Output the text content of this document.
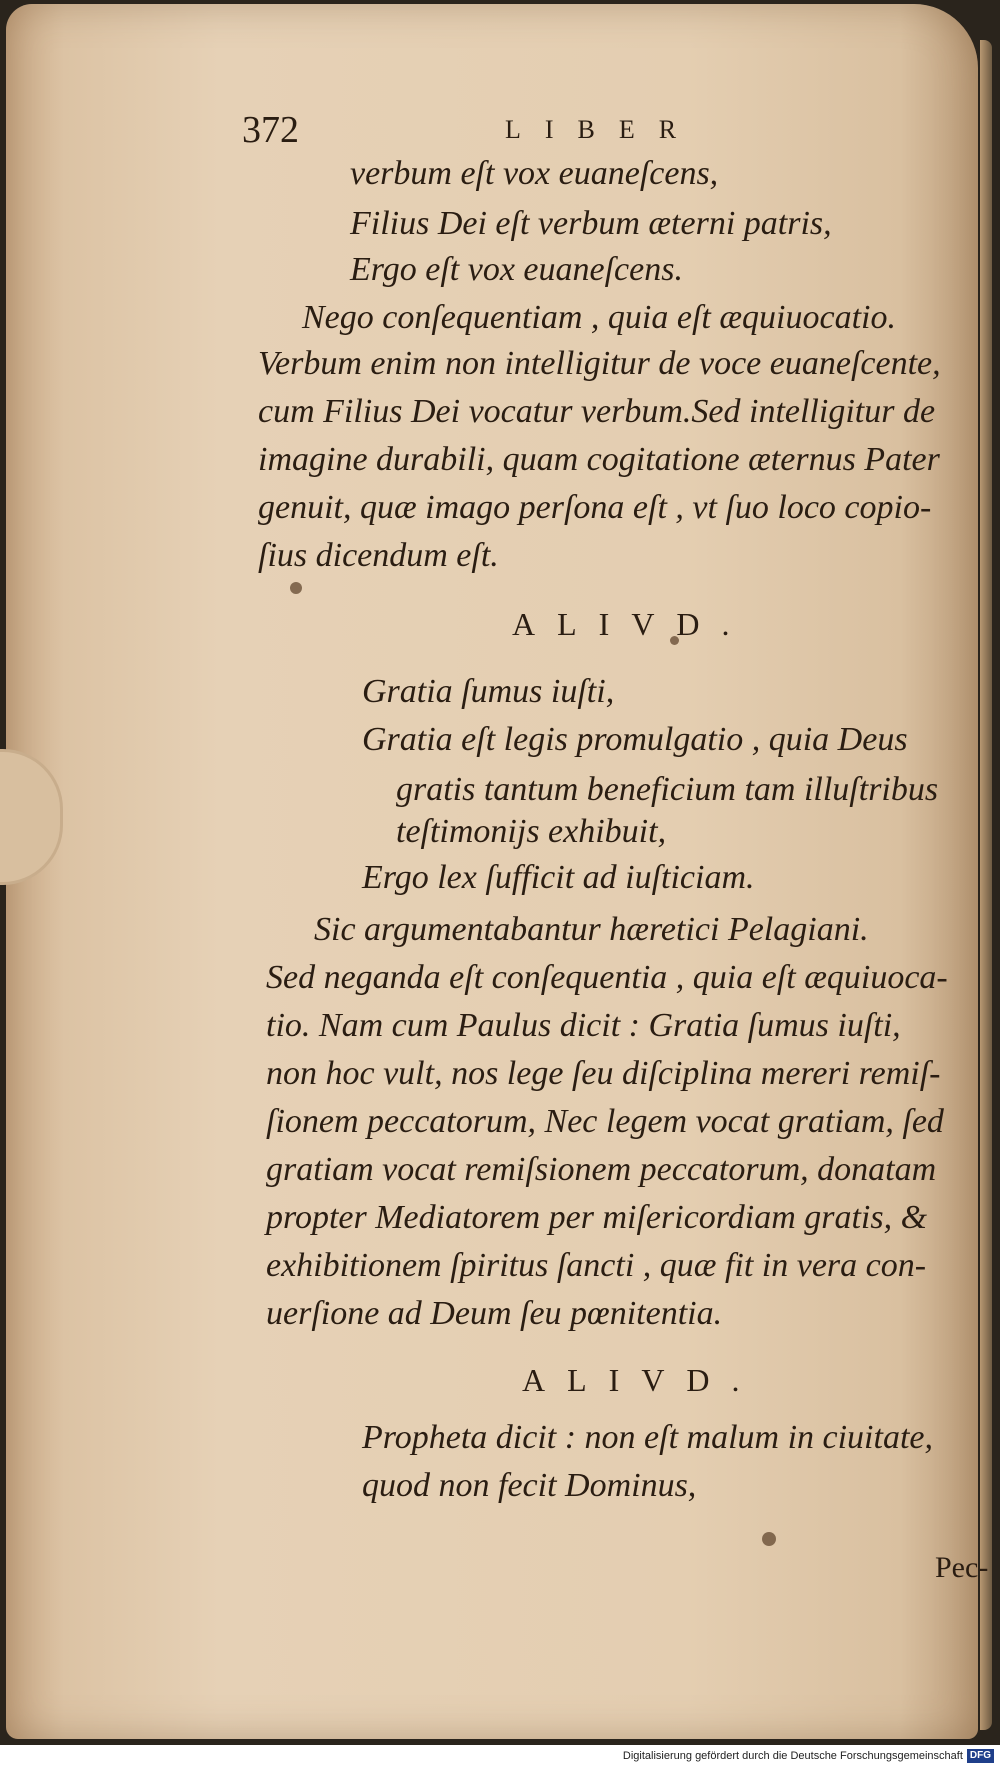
372	LIBER
verbum eſt vox euaneſcens,
Filius Dei eſt verbum æterni patris,
Ergo eſt vox euaneſcens.
Nego conſequentiam , quia eſt æquiuocatio.
Verbum enim non intelligitur de voce euaneſcente,
cum Filius Dei vocatur verbum.Sed intelligitur de
imagine durabili, quam cogitatione æternus Pater
genuit, quæ imago perſona eſt , vt ſuo loco copio-
ſius dicendum eſt.
ALIVD.
Gratia ſumus iuſti,
Gratia eſt legis promulgatio , quia Deus
gratis tantum beneficium tam illuſtribus
teſtimonijs exhibuit,
Ergo lex ſufficit ad iuſticiam.
Sic argumentabantur hæretici Pelagiani.
Sed neganda eſt conſequentia , quia eſt æquiuoca-
tio. Nam cum Paulus dicit : Gratia ſumus iuſti,
non hoc vult, nos lege ſeu diſciplina mereri remiſ-
ſionem peccatorum, Nec legem vocat gratiam, ſed
gratiam vocat remiſsionem peccatorum, donatam
propter Mediatorem per miſericordiam gratis, &
exhibitionem ſpiritus ſancti , quæ fit in vera con-
uerſione ad Deum ſeu pœnitentia.
ALIVD.
Propheta dicit : non eſt malum in ciuitate,
quod non fecit Dominus,
Pec-
Digitalisierung gefördert durch die Deutsche Forschungsgemeinschaft DFG
